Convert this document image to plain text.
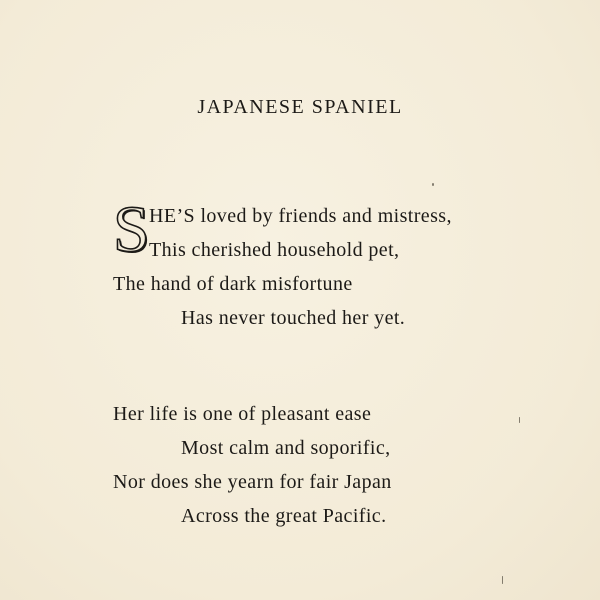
JAPANESE SPANIEL
S
HE’S loved by friends and mistress,
This cherished household pet,
The hand of dark misfortune
Has never touched her yet.
Her life is one of pleasant ease
Most calm and soporific,
Nor does she yearn for fair Japan
Across the great Pacific.
